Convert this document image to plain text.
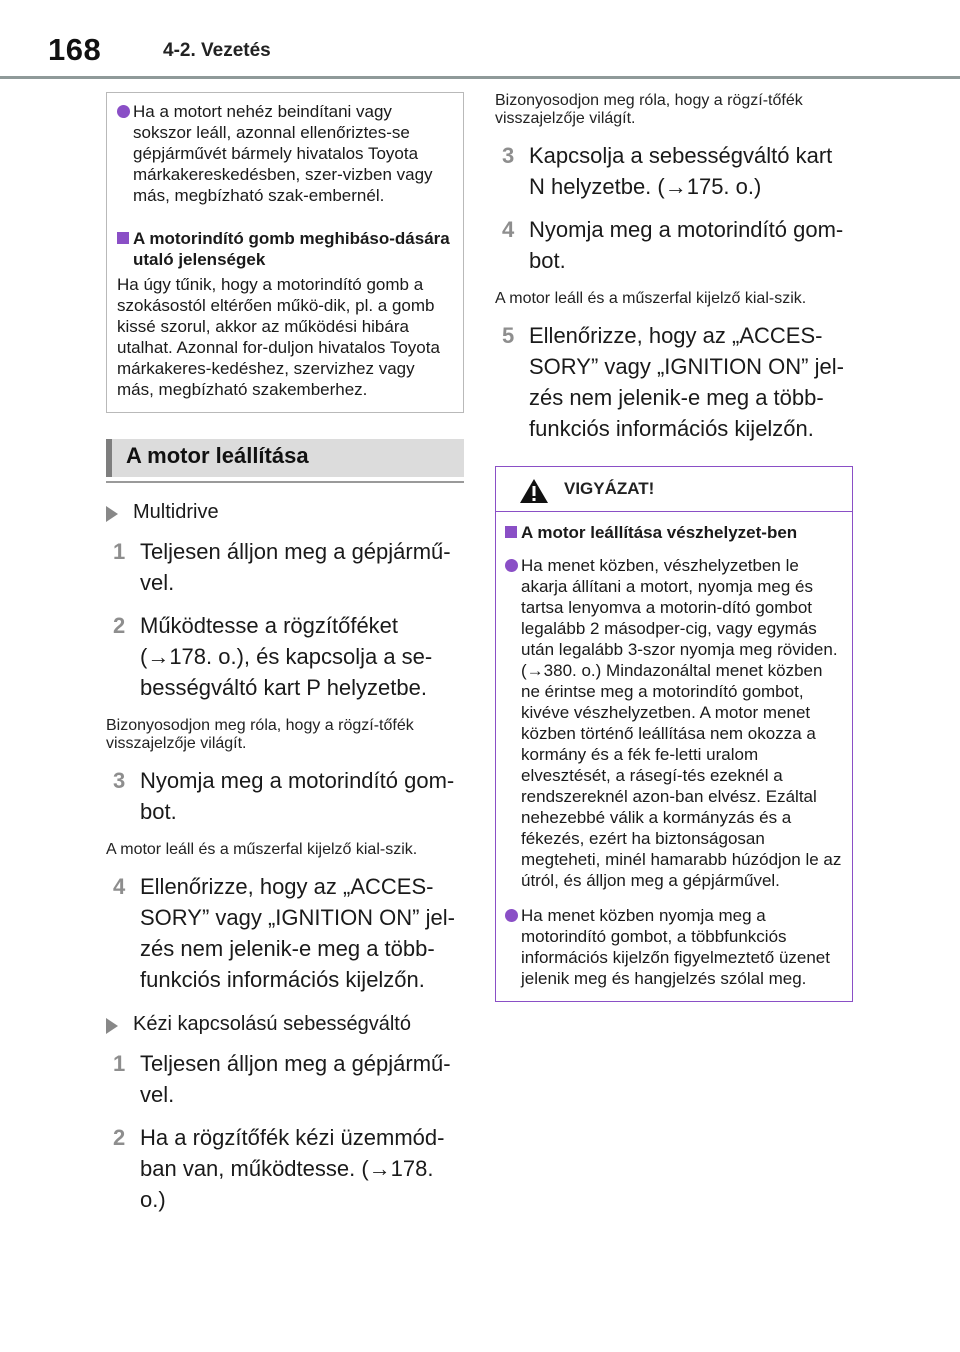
168	4-2. Vezetés
Ha a motort nehéz beindítani vagy sokszor leáll, azonnal ellenőriztes-se gépjárművét bármely hivatalos Toyota márkakereskedésben, szer-vizben vagy más, megbízható szak-embernél.
A motorindító gomb meghibáso-dására utaló jelenségek

Ha úgy tűnik, hogy a motorindító gomb a szokásostól eltérően műkö-dik, pl. a gomb kissé szorul, akkor az működési hibára utalhat. Azonnal for-duljon hivatalos Toyota márkakeres-kedéshez, szervizhez vagy más, megbízható szakemberhez.

A motor leállítása
Multidrive
1 Teljesen álljon meg a gépjármű-vel.
2 Működtesse a rögzítőféket (→178. o.), és kapcsolja a se-bességváltó kart P helyzetbe.
Bizonyosodjon meg róla, hogy a rögzí-tőfék visszajelzője világít.
3 Nyomja meg a motorindító gom-bot.
A motor leáll és a műszerfal kijelző kial-szik.
4 Ellenőrizze, hogy az „ACCES-SORY” vagy „IGNITION ON” jel-zés nem jelenik-e meg a több-funkciós információs kijelzőn.
Kézi kapcsolású sebességváltó
1 Teljesen álljon meg a gépjármű-vel.
2 Ha a rögzítőfék kézi üzemmód-ban van, működtesse. (→178. o.)
Bizonyosodjon meg róla, hogy a rögzí-tőfék visszajelzője világít.
3 Kapcsolja a sebességváltó kart N helyzetbe. (→175. o.)
4 Nyomja meg a motorindító gom-bot.
A motor leáll és a műszerfal kijelző kial-szik.
5 Ellenőrizze, hogy az „ACCES-SORY” vagy „IGNITION ON” jel-zés nem jelenik-e meg a több-funkciós információs kijelzőn.
VIGYÁZAT!
A motor leállítása vészhelyzet-ben
Ha menet közben, vészhelyzetben le akarja állítani a motort, nyomja meg és tartsa lenyomva a motorin-dító gombot legalább 2 másodper-cig, vagy egymás után legalább 3-szor nyomja meg röviden. (→380. o.) Mindazonáltal menet közben ne érintse meg a motorindító gombot, kivéve vészhelyzetben. A motor menet közben történő leállítása nem okozza a kormány és a fék fe-letti uralom elvesztését, a rásegí-tés ezeknél a rendszereknél azon-ban elvész. Ezáltal nehezebbé válik a kormányzás és a fékezés, ezért ha biztonságosan megteheti, minél hamarabb húzódjon le az útról, és álljon meg a gépjárművel.
Ha menet közben nyomja meg a motorindító gombot, a többfunkciós információs kijelzőn figyelmeztető üzenet jelenik meg és hangjelzés szólal meg.
